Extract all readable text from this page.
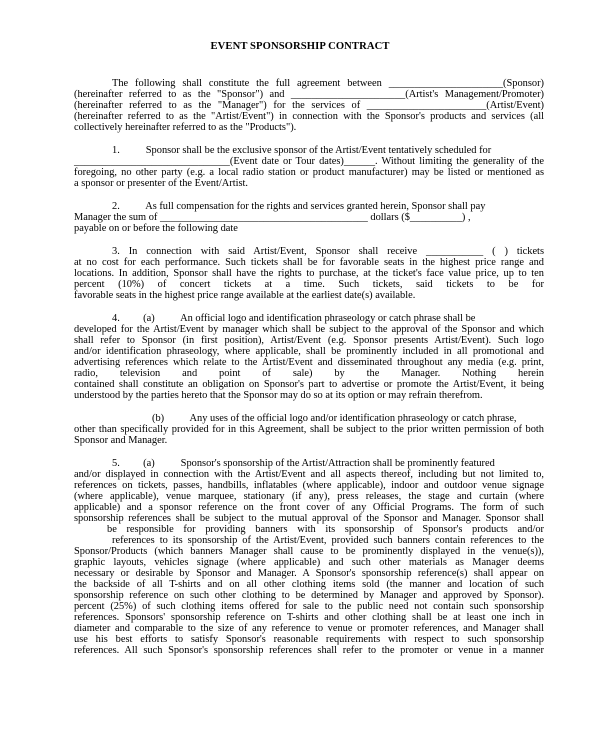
EVENT SPONSORSHIP CONTRACT
The following shall constitute the full agreement between ______________________(Sponsor)
(hereinafter referred to as the "Sponsor") and ______________________(Artist's Management/Promoter)
(hereinafter referred to as the "Manager") for the services of _______________________(Artist/Event)
(hereinafter referred to as the "Artist/Event") in connection with the Sponsor's products and services (all
collectively hereinafter referred to as the "Products").
1.          Sponsor shall be the exclusive sponsor of the Artist/Event tentatively scheduled for
______________________________(Event date or Tour dates)______. Without limiting the generality of the
foregoing, no other party (e.g. a local radio station or product manufacturer) may be listed or mentioned as
a sponsor or presenter of the Event/Artist.
2.          As full compensation for the rights and services granted herein, Sponsor shall pay
Manager the sum of ________________________________________ dollars ($__________) ,
payable on or before the following date
3. In connection with said Artist/Event, Sponsor shall receive ___________ ( ) tickets
at no cost for each performance. Such tickets shall be for favorable seats in the highest price range and
locations. In addition, Sponsor shall have the rights to purchase, at the ticket's face value price, up to ten
percent (10%) of concert tickets at a time. Such tickets, said tickets to be for
favorable seats in the highest price range available at the earliest date(s) available.
4.         (a)          An official logo and identification phraseology or catch phrase shall be
developed for the Artist/Event by manager which shall be subject to the approval of the Sponsor and which
shall refer to Sponsor (in first position), Artist/Event (e.g. Sponsor presents Artist/Event). Such logo
and/or identification phraseology, where applicable, shall be prominently included in all promotional and
advertising references which relate to the Artist/Event and disseminated throughout any media (e.g. print,
radio, television and point of sale) by the Manager. Nothing herein
contained shall constitute an obligation on Sponsor's part to advertise or promote the Artist/Event, it being
understood by the parties hereto that the Sponsor may do so at its option or may refrain therefrom.
(b)          Any uses of the official logo and/or identification phraseology or catch phrase,
other than specifically provided for in this Agreement, shall be subject to the prior written permission of both
Sponsor and Manager.
5.         (a)          Sponsor's sponsorship of the Artist/Attraction shall be prominently featured
and/or displayed in connection with the Artist/Event and all aspects thereof, including but not limited to,
references on tickets, passes, handbills, inflatables (where applicable), indoor and outdoor venue signage
(where applicable), venue marquee, stationary (if any), press releases, the stage and curtain (where
applicable) and a sponsor reference on the front cover of any Official Programs. The form of such
sponsorship references shall be subject to the mutual approval of the Sponsor and Manager. Sponsor shall
be responsible for providing banners with its sponsorship of Sponsor's products and/or
references to its sponsorship of the Artist/Event, provided such banners contain references to the
Sponsor/Products (which banners Manager shall cause to be prominently displayed in the venue(s)),
graphic layouts, vehicles signage (where applicable) and such other materials as Manager deems
necessary or desirable by Sponsor and Manager. A Sponsor's sponsorship reference(s) shall appear on
the backside of all T-shirts and on all other clothing items sold (the manner and location of such
sponsorship reference on such other clothing to be determined by Manager and approved by Sponsor).
percent (25%) of such clothing items offered for sale to the public need not contain such sponsorship
references. Sponsors' sponsorship reference on T-shirts and other clothing shall be at least one inch in
diameter and comparable to the size of any reference to venue or promoter references, and Manager shall
use his best efforts to satisfy Sponsor's reasonable requirements with respect to such sponsorship
references. All such Sponsor's sponsorship references shall refer to the promoter or venue in a manner
